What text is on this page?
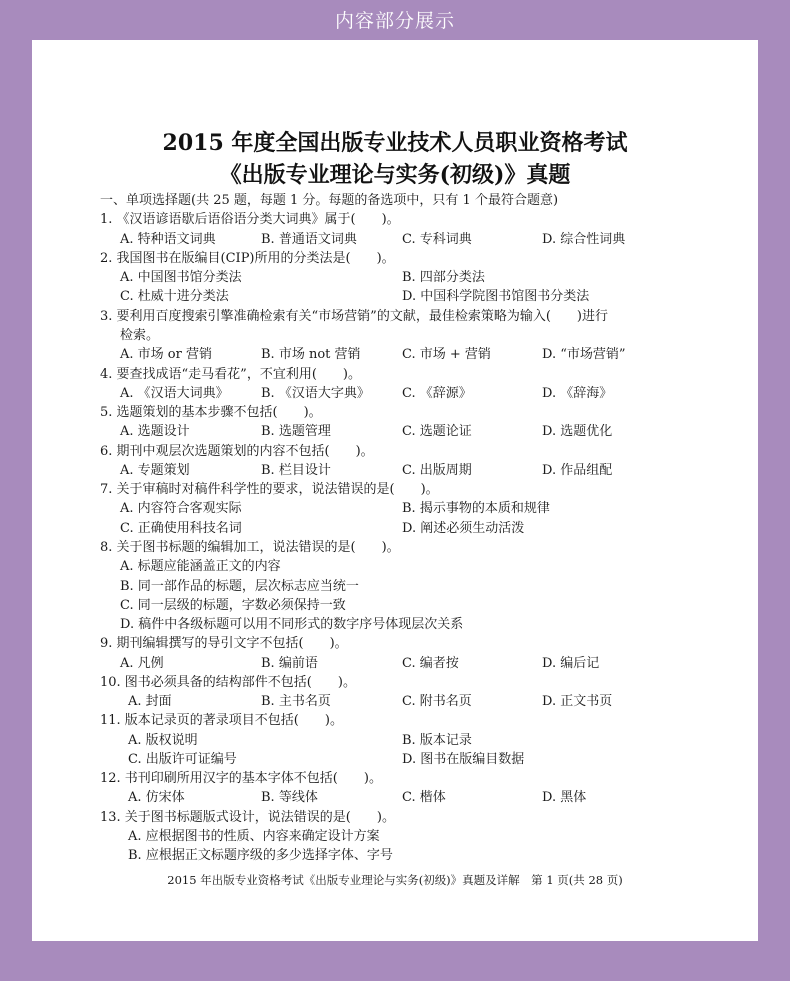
内容部分展示
2015 年度全国出版专业技术人员职业资格考试
《出版专业理论与实务(初级)》真题
一、单项选择题(共 25 题，每题 1 分。每题的备选项中，只有 1 个最符合题意)
1. 《汉语谚语歇后语俗语分类大词典》属于(　　)。
A. 特种语文词典	B. 普通语文词典	C. 专科词典	D. 综合性词典
2. 我国图书在版编目(CIP)所用的分类法是(　　)。
A. 中国图书馆分类法	B. 四部分类法
C. 杜威十进分类法	D. 中国科学院图书馆图书分类法
3. 要利用百度搜索引擎准确检索有关“市场营销”的文献，最佳检索策略为输入(　　)进行
检索。
A. 市场 or 营销	B. 市场 not 营销	C. 市场 + 营销	D. “市场营销”
4. 要查找成语“走马看花”，不宜利用(　　)。
A. 《汉语大词典》 B. 《汉语大字典》 C. 《辞源》	D. 《辞海》
5. 选题策划的基本步骤不包括(　　)。
A. 选题设计	B. 选题管理	C. 选题论证	D. 选题优化
6. 期刊中观层次选题策划的内容不包括(　　)。
A. 专题策划	B. 栏目设计	C. 出版周期	D. 作品组配
7. 关于审稿时对稿件科学性的要求，说法错误的是(　　)。
A. 内容符合客观实际	B. 揭示事物的本质和规律
C. 正确使用科技名词	D. 阐述必须生动活泼
8. 关于图书标题的编辑加工，说法错误的是(　　)。
A. 标题应能涵盖正文的内容
B. 同一部作品的标题，层次标志应当统一
C. 同一层级的标题，字数必须保持一致
D. 稿件中各级标题可以用不同形式的数字序号体现层次关系
9. 期刊编辑撰写的导引文字不包括(　　)。
A. 凡例	B. 编前语	C. 编者按	D. 编后记
10. 图书必须具备的结构部件不包括(　　)。
A. 封面	B. 主书名页	C. 附书名页	D. 正文书页
11. 版本记录页的著录项目不包括(　　)。
A. 版权说明	B. 版本记录
C. 出版许可证编号	D. 图书在版编目数据
12. 书刊印刷所用汉字的基本字体不包括(　　)。
A. 仿宋体	B. 等线体	C. 楷体	D. 黑体
13. 关于图书标题版式设计，说法错误的是(　　)。
A. 应根据图书的性质、内容来确定设计方案
B. 应根据正文标题序级的多少选择字体、字号
2015 年出版专业资格考试《出版专业理论与实务(初级)》真题及详解　第 1 页(共 28 页)
